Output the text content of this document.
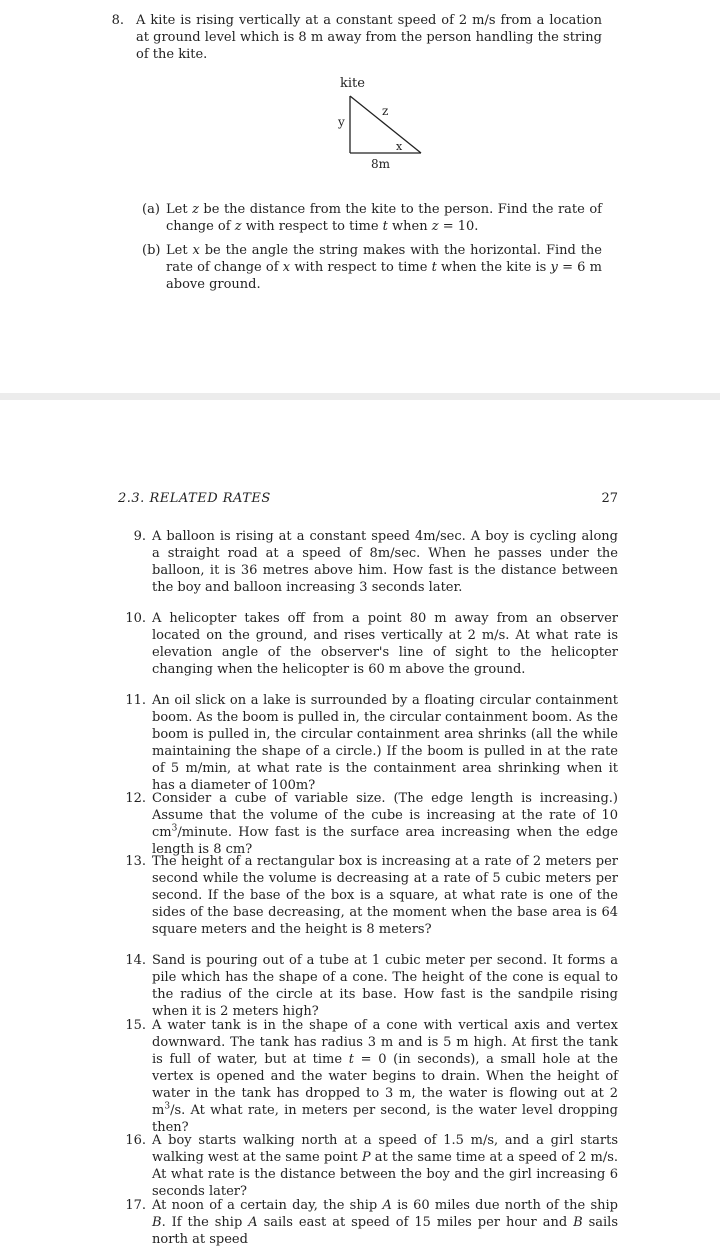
8. A kite is rising vertically at a constant speed of 2 m/s from a location at ground level which is 8 m away from the person handling the string of the kite.
kite
z
y
x
8m
(a) Let z be the distance from the kite to the person. Find the rate of change of z with respect to time t when z = 10.
(b) Let x be the angle the string makes with the horizontal. Find the rate of change of x with respect to time t when the kite is y = 6 m above ground.
2.3. RELATED RATES	27
9. A balloon is rising at a constant speed 4m/sec. A boy is cycling along a straight road at a speed of 8m/sec. When he passes under the balloon, it is 36 metres above him. How fast is the distance between the boy and balloon increasing 3 seconds later.
10. A helicopter takes off from a point 80 m away from an observer located on the ground, and rises vertically at 2 m/s. At what rate is elevation angle of the observer's line of sight to the helicopter changing when the helicopter is 60 m above the ground.
11. An oil slick on a lake is surrounded by a floating circular containment boom. As the boom is pulled in, the circular containment boom. As the boom is pulled in, the circular containment area shrinks (all the while maintaining the shape of a circle.) If the boom is pulled in at the rate of 5 m/min, at what rate is the containment area shrinking when it has a diameter of 100m?
12. Consider a cube of variable size. (The edge length is increasing.) Assume that the volume of the cube is increasing at the rate of 10 $cm^3$/minute. How fast is the surface area increasing when the edge length is 8 cm?
13. The height of a rectangular box is increasing at a rate of 2 meters per second while the volume is decreasing at a rate of 5 cubic meters per second. If the base of the box is a square, at what rate is one of the sides of the base decreasing, at the moment when the base area is 64 square meters and the height is 8 meters?
14. Sand is pouring out of a tube at 1 cubic meter per second. It forms a pile which has the shape of a cone. The height of the cone is equal to the radius of the circle at its base. How fast is the sandpile rising when it is 2 meters high?
15. A water tank is in the shape of a cone with vertical axis and vertex downward. The tank has radius 3 m and is 5 m high. At first the tank is full of water, but at time t = 0 (in seconds), a small hole at the vertex is opened and the water begins to drain. When the height of water in the tank has dropped to 3 m, the water is flowing out at 2 $m^3/s$. At what rate, in meters per second, is the water level dropping then?
16. A boy starts walking north at a speed of 1.5 m/s, and a girl starts walking west at the same point P at the same time at a speed of 2 m/s. At what rate is the distance between the boy and the girl increasing 6 seconds later?
17. At noon of a certain day, the ship A is 60 miles due north of the ship B. If the ship A sails east at speed of 15 miles per hour and B sails north at speed
